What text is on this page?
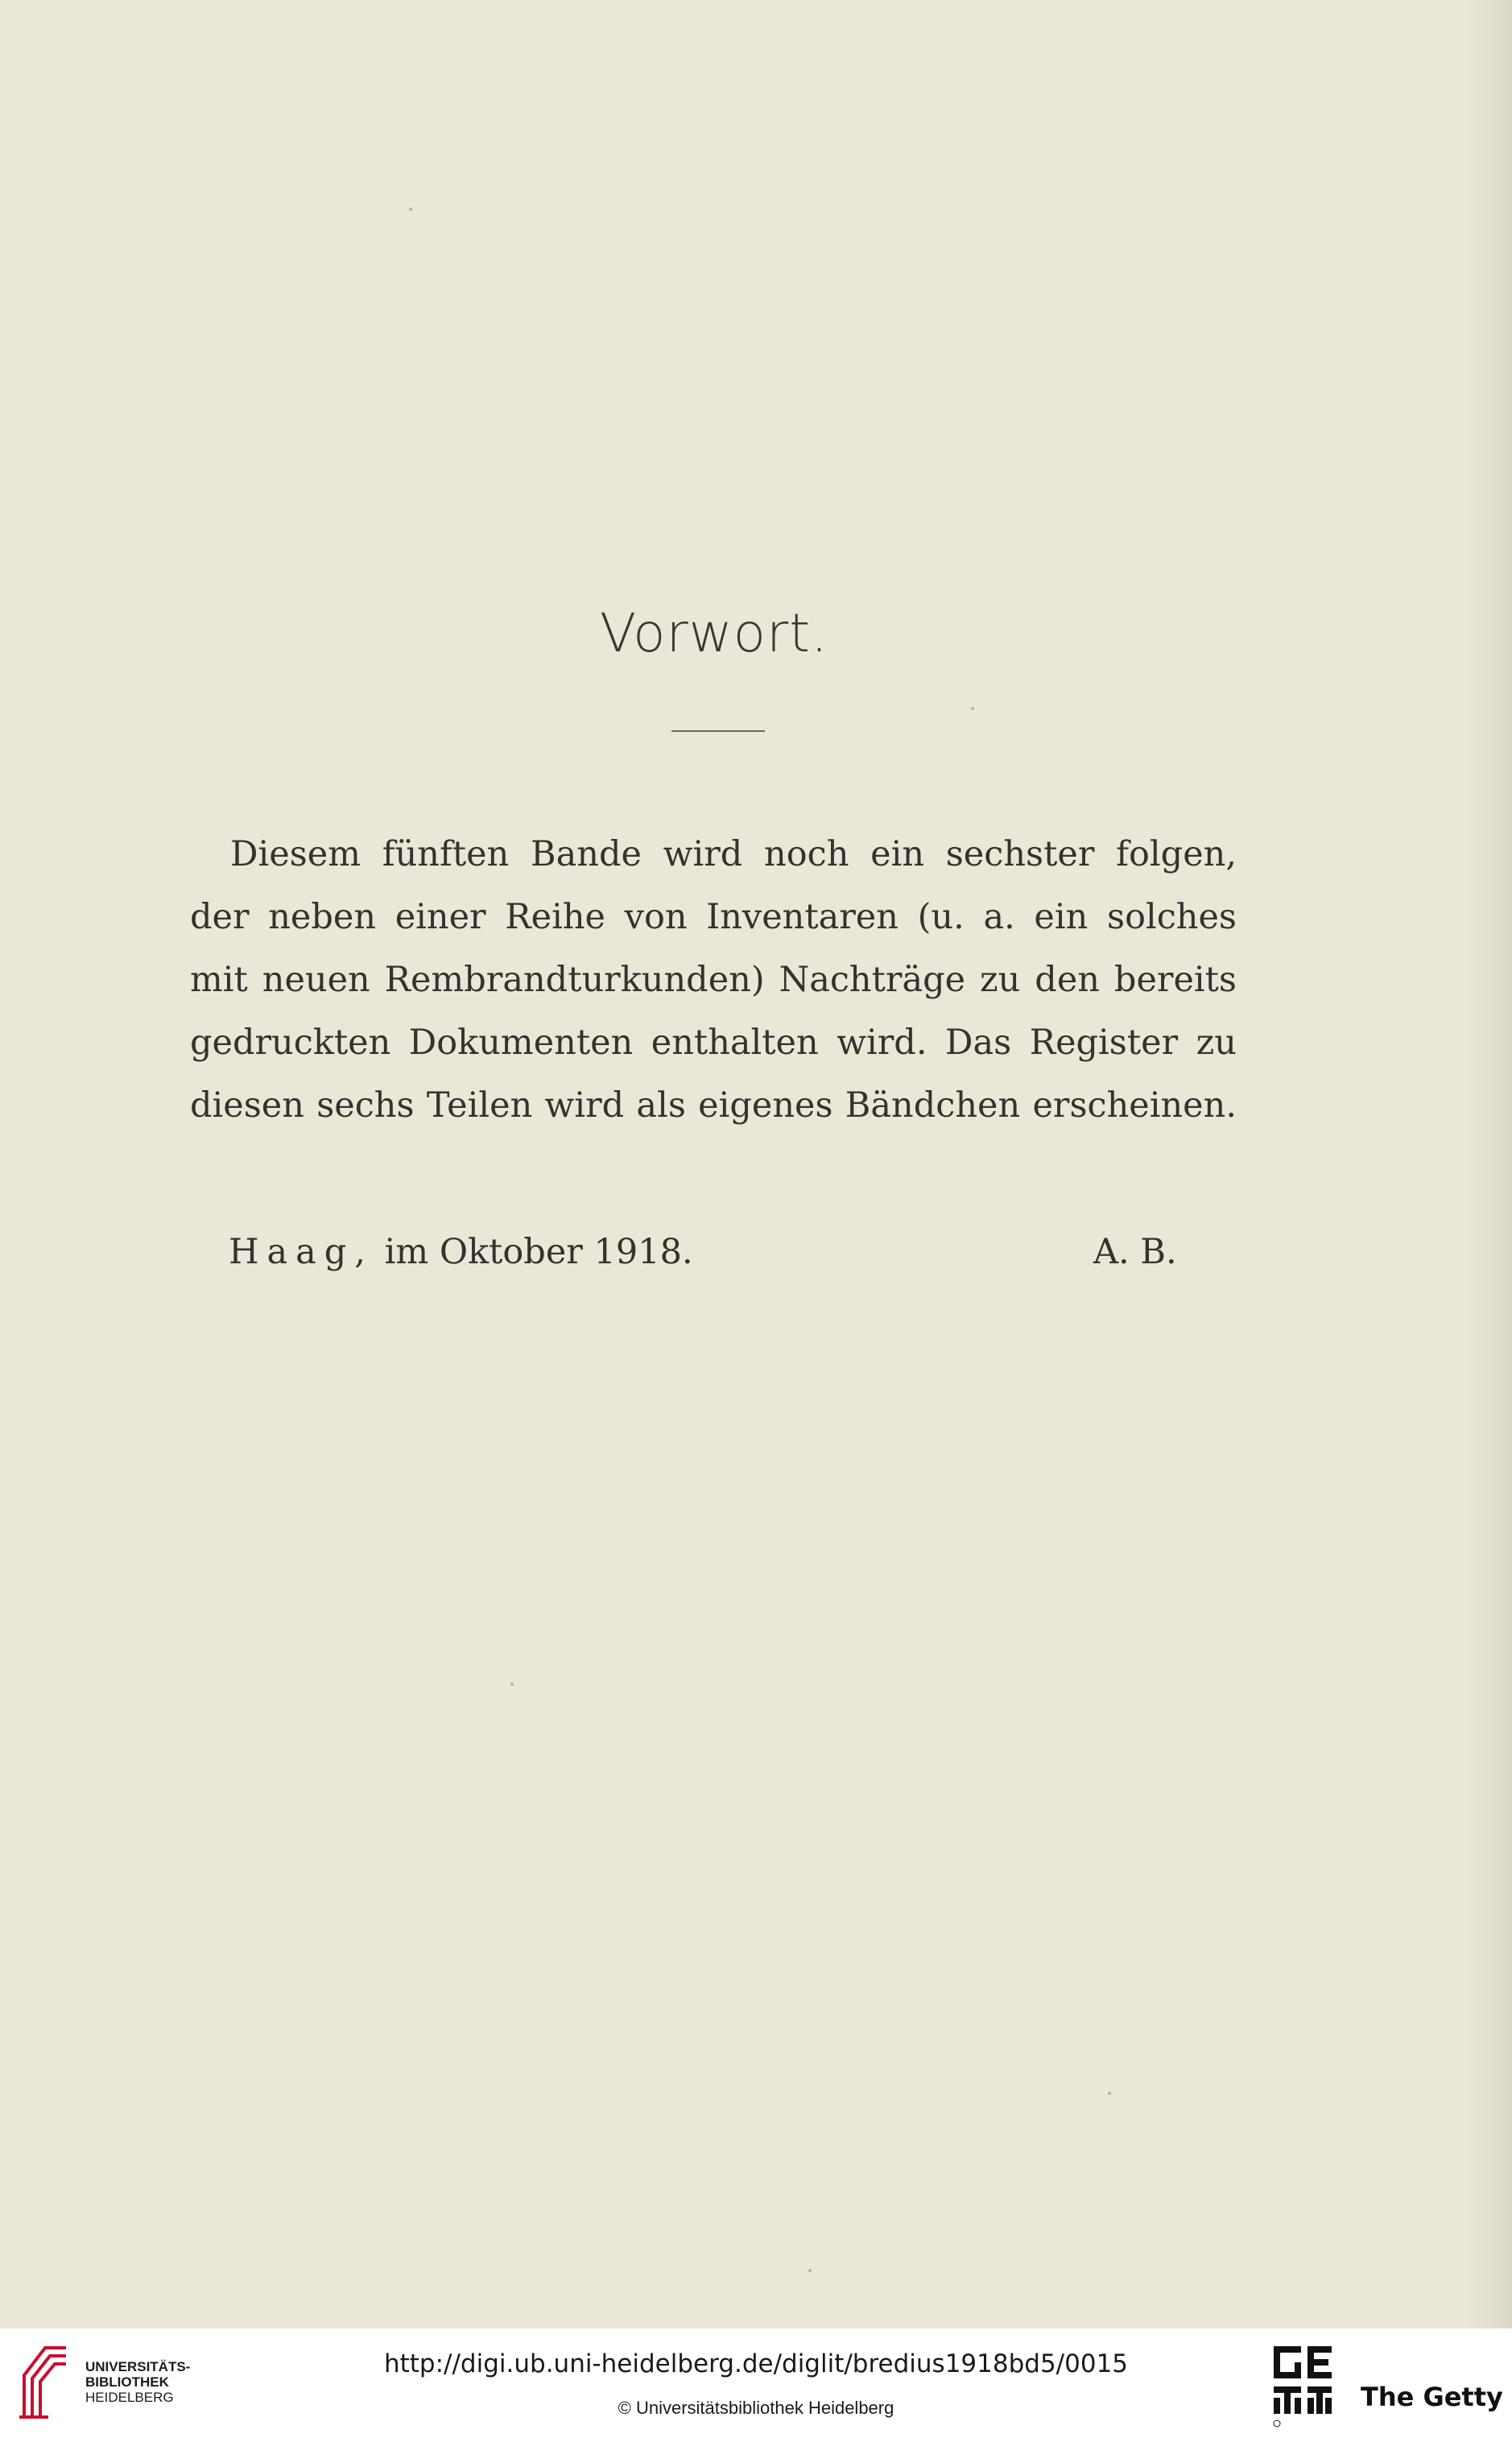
Vorwort.
Diesem fünften Bande wird noch ein sechster folgen,
der neben einer Reihe von Inventaren (u. a. ein solches
mit neuen Rembrandturkunden) Nachträge zu den bereits
gedruckten Dokumenten enthalten wird. Das Register zu
diesen sechs Teilen wird als eigenes Bändchen erscheinen.
Haag, im Oktober 1918.	A. B.
UNIVERSITÄTS-
BIBLIOTHEK
HEIDELBERG
http://digi.ub.uni-heidelberg.de/diglit/bredius1918bd5/0015
© Universitätsbibliothek Heidelberg	The Getty
